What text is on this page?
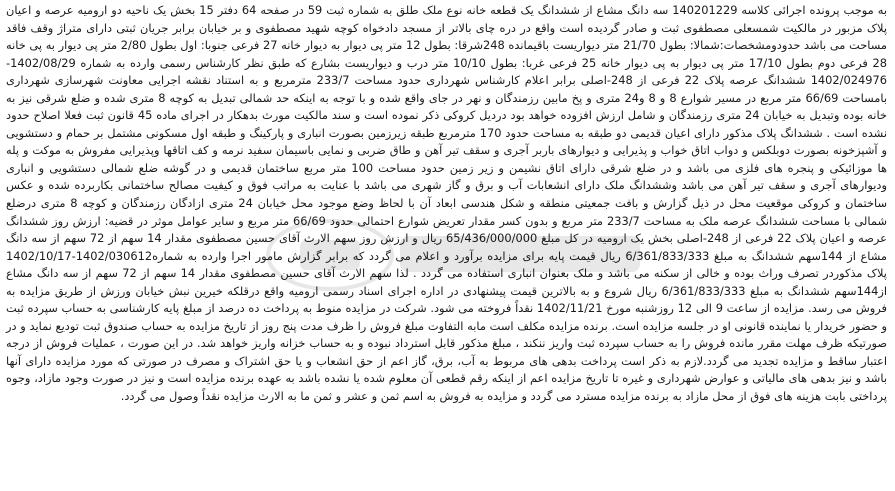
به موجب پرونده اجرائی کلاسه 140201229 سه دانگ مشاع از ششدانگ یک قطعه خانه نوع ملک طلق به شماره ثبت 59 در صفحه 64 دفتر 15 بخش یک ناحیه دو ارومیه عرصه و اعیان پلاک مزبور در مالکیت شمسعلی مصطفوی ثبت و صادر گردیده است واقع در دره چای بالاتر از مسجد دادخواه کوچه شهید مصطفوی و بر خیابان برابر جریان ثبتی دارای متراژ وقف فاقد مساحت می باشد حدودومشخصات:شمالا: بطول 21/70 متر دیواریست باقیمانده 248شرقا: بطول 12 متر پی دیوار به دیوار خانه 27 فرعی جنوبا: اول بطول 2/80 متر پی دیوار به پی خانه 28 فرعی دوم بطول 17/10 متر پی دیوار به پی دیوار خانه 25 فرعی غربا: بطول 10/10 متر درب و دیواریست بشارع که طبق نظر کارشناس رسمی وارده به شماره 1402/08/29-1402/024976 ششدانگ عرصه پلاک 22 فرعی از 248-اصلی برابر اعلام کارشناس شهرداری حدود مساحت 233/7 مترمربع و به استناد نقشه اجرایی معاونت شهرسازی شهرداری بامساحت 66/69 متر مربع در مسیر شوارع 8 و 8 و24 متری و پخ مابین رزمندگان و نهر در جای واقع شده و با توجه به اینکه حد شمالی تبدیل به کوچه 8 متری شده و ضلع شرقی نیز به خانه بوده وتبدیل به خیابان 24 متری رزمندگان و شامل ارزش افزوده خواهد بود دردیل کروکی ذکر نموده است و سند مالکیت مورث بدهکار در اجرای ماده 45 قانون ثبت فعلا اصلاح حدود نشده است . ششدانگ پلاک مذکور دارای اعیان قدیمی دو طبقه به مساحت حدود 170 مترمربع طبقه زیرزمین بصورت انباری و پارکینگ و طبقه اول مسکونی مشتمل بر حمام و دستشویی و آشپزخونه بصورت دوبلکس و دواب اتاق خواب و پذیرایی و دیوارهای باربر آجری و سقف تیر آهن و طاق ضربی و نمایی باسیمان سفید نرمه و کف اتاقها وپذیرایی مفروش به موکت و پله ها موزائیکی و پنجره های فلزی می باشد و در ضلع شرقی دارای اتاق نشیمن و زیر زمین حدود مساحت 100 متر مربع ساختمان قدیمی و در گوشه ضلع شمالی دستشویی و انباری ودیوارهای آجری و سقف تیر آهن می باشد وششدانگ ملک دارای انشعابات آب و برق و گاز شهری می باشد با عنایت به مراتب فوق و کیفیت مصالح ساختمانی بکاربرده شده و عکس ساختمان و کروکی موقعیت محل در ذیل گزارش و بافت جمعیتی منطقه و شکل هندسی ابعاد آن با لحاظ وضع موجود محل خیابان 24 متری ازادگان رزمندگان و کوچه 8 متری درضلع شمالی با مساحت ششدانگ عرصه ملک به مساحت 233/7 متر مربع و بدون کسر مقدار تعریض شوارع احتمالی حدود 66/69 متر مربع و سایر عوامل موثر در قضیه: ارزش روز ششدانگ عرصه و اعیان پلاک 22 فرعی از 248-اصلی بخش یک ارومیه در کل مبلغ 65/436/000/000 ریال و ارزش روز سهم الارث آقای حسین مصطفوی مقدار 14 سهم از 72 سهم از سه دانگ مشاع از 144سهم ششدانگ به مبلغ 6/361/833/333 ریال قیمت پایه برای مزایده برآورد و اعلام می گردد که برابر گزارش مامور اجرا وارده به شماره1402/030612-1402/10/17 پلاک مذکوردر تصرف وراث بوده و خالی از سکنه می باشد و ملک بعنوان انباری استفاده می گردد . لذا سهم الارث آقای حسین مصطفوی مقدار 14 سهم از 72 سهم از سه دانگ مشاع از144سهم ششدانگ به مبلغ 6/361/833/333 ریال شروع و به بالاترین قیمت پیشنهادی در اداره اجرای اسناد رسمی ارومیه واقع درقلکه خیرین نبش خیابان ورزش از طریق مزایده به فروش می رسد. مزایده از ساعت 9 الی 12 روزشنبه مورخ 1402/11/21 نقداً فروخته می شود. شرکت در مزایده منوط به پرداخت ده درصد از مبلغ پایه کارشناسی به حساب سپرده ثبت و حضور خریدار یا نماینده قانونی او در جلسه مزایده است. برنده مزایده مکلف است مابه التفاوت مبلغ فروش را ظرف مدت پنج روز از تاریخ مزایده به حساب صندوق ثبت تودیع نماید و در صورتیکه ظرف مهلت مقرر مانده فروش را به حساب سپرده ثبت واریز ننکند ، مبلغ مذکور قابل استرداد نبوده و به حساب خزانه واریز خواهد شد. در این صورت ، عملیات فروش از درجه اعتبار ساقط و مزایده تجدید می گردد.لازم به ذکر است پرداخت بدهی های مربوط به آب، برق، گاز اعم از حق انشعاب و یا حق اشتراک و مصرف در صورتی که مورد مزایده دارای آنها باشد و نیز بدهی های مالیاتی و عوارض شهرداری و غیره تا تاریخ مزایده اعم از اینکه رقم قطعی آن معلوم شده یا نشده باشد به عهده برنده مزایده است و نیز در صورت وجود مازاد، وجوه پرداختی بابت هزینه های فوق از محل مازاد به برنده مزایده مسترد می گردد و مزایده به فروش به اسم ثمن و عشر و ثمن ما به الارث مزایده نقداً وصول می گردد.
